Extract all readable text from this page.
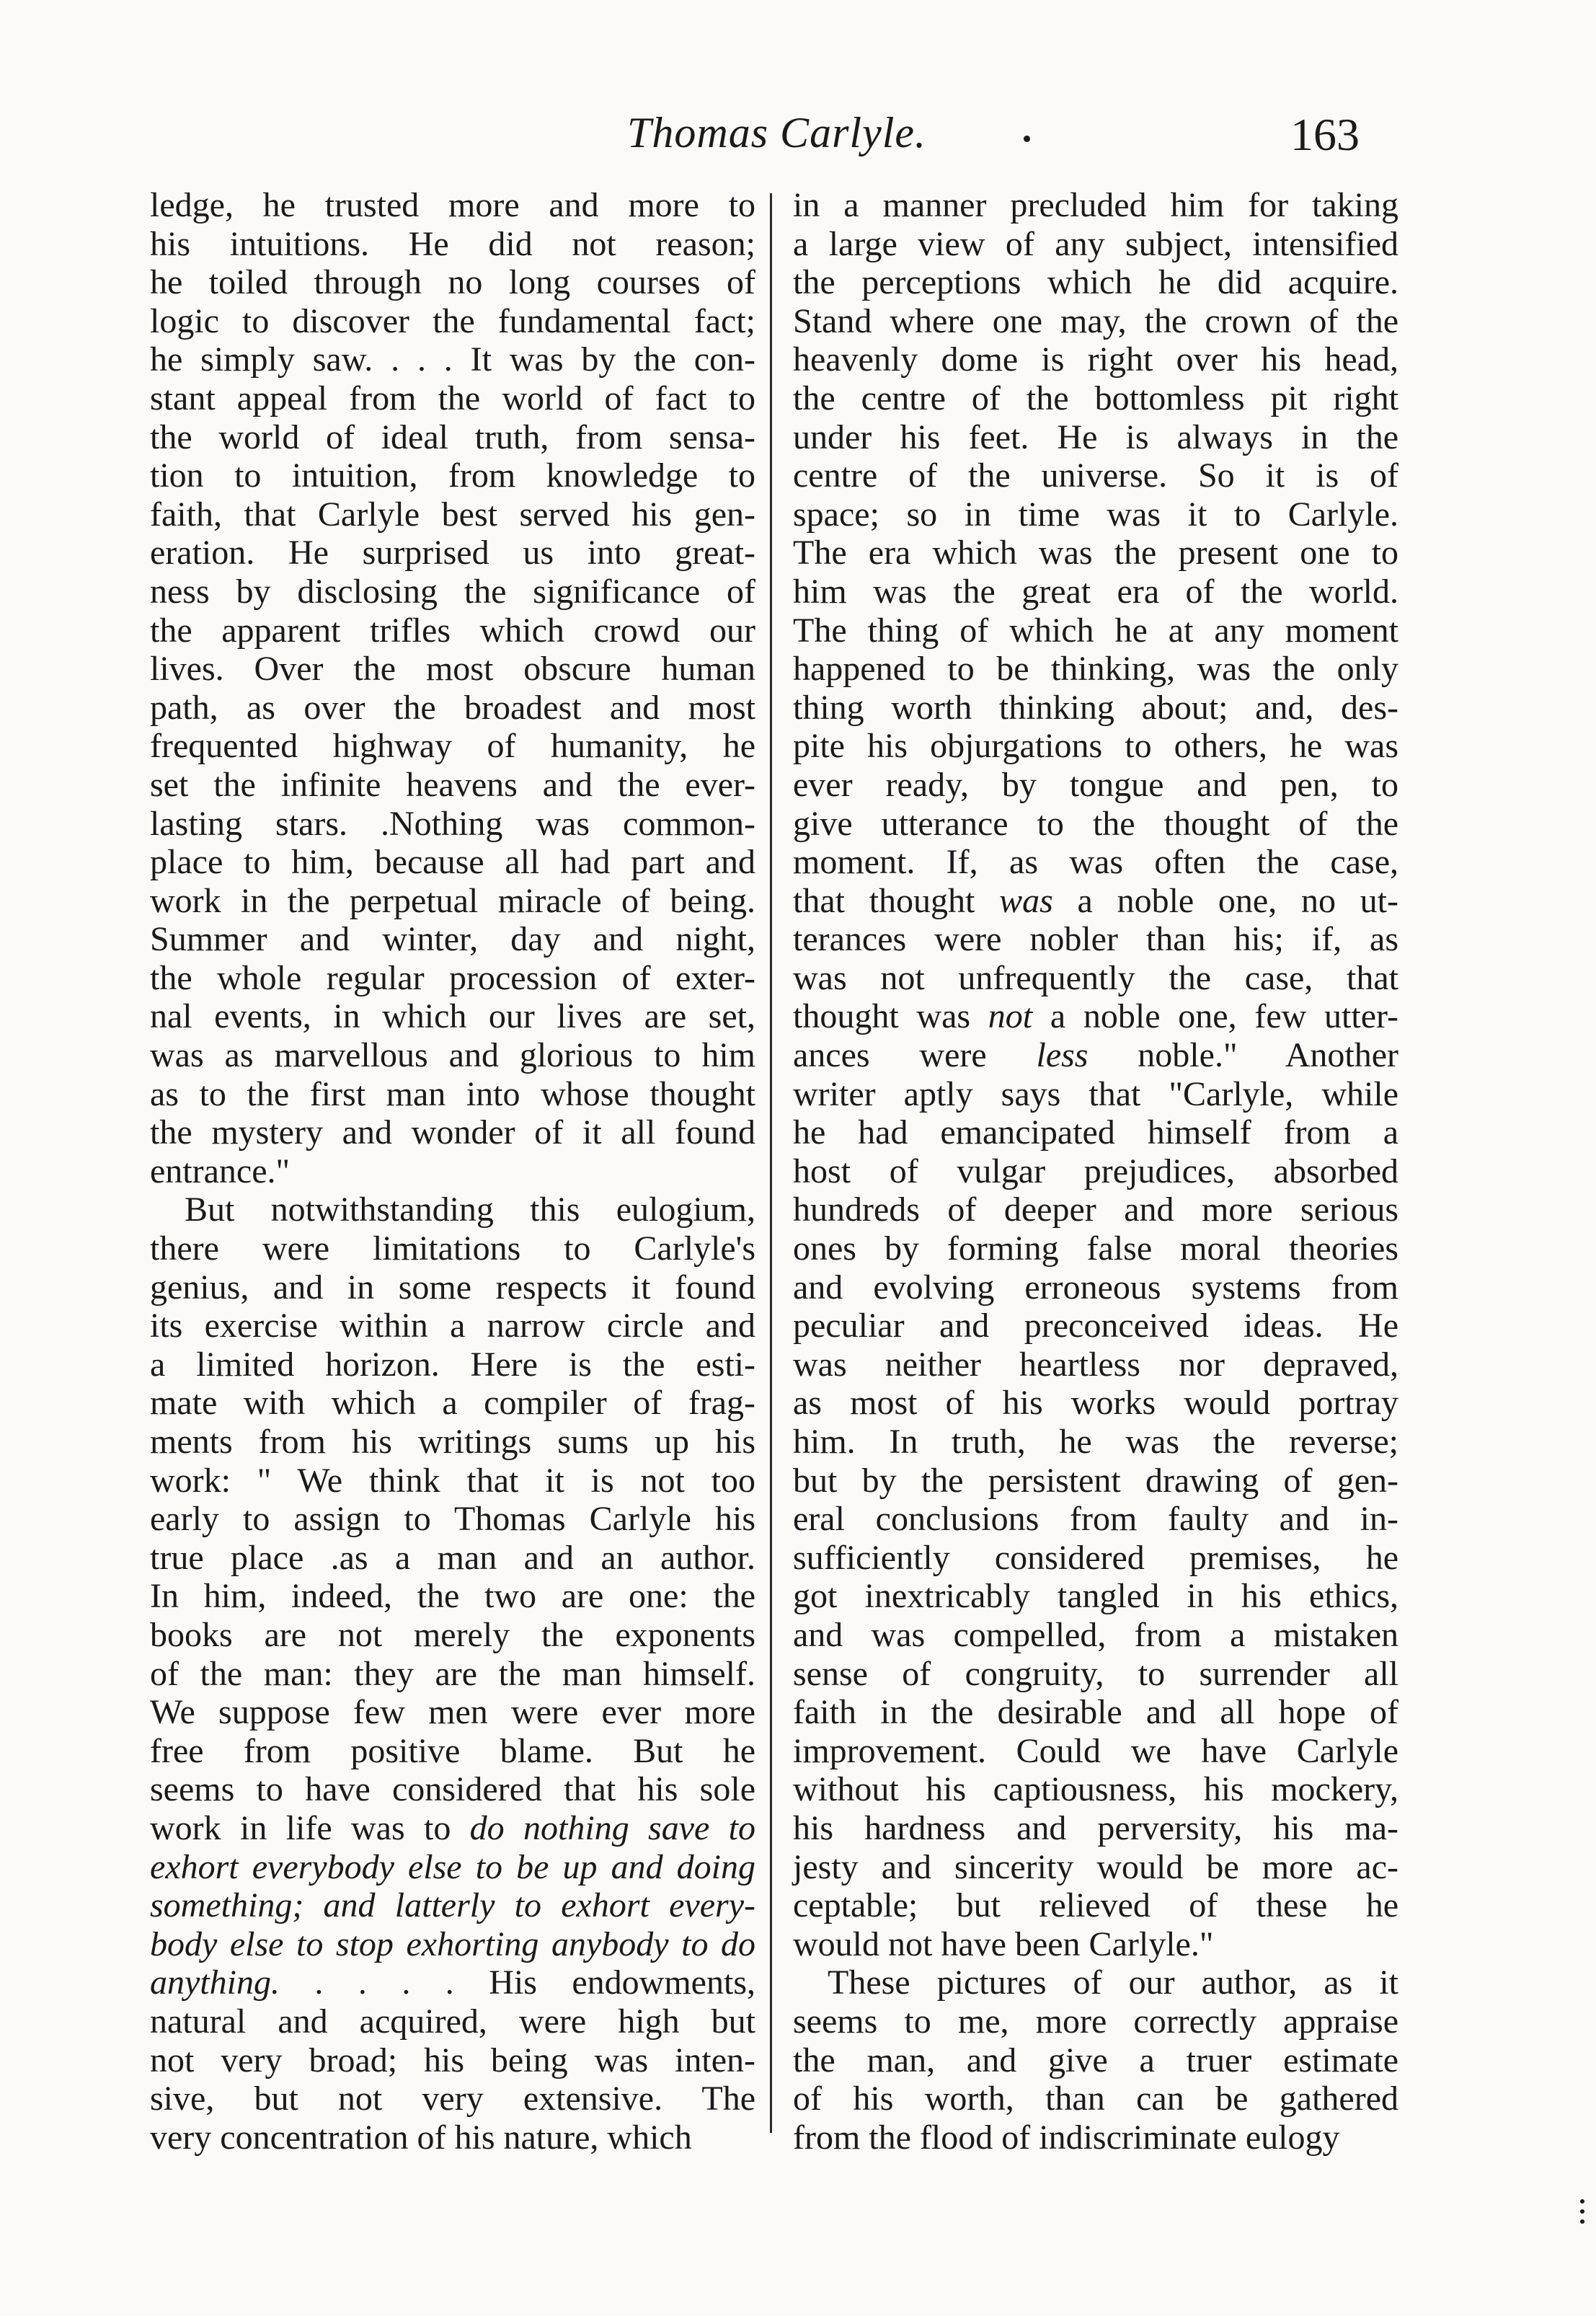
Thomas Carlyle.	163
ledge, he trusted more and more to
his intuitions. He did not reason;
he toiled through no long courses of
logic to discover the fundamental fact;
he simply saw. . . . It was by the con-
stant appeal from the world of fact to
the world of ideal truth, from sensa-
tion to intuition, from knowledge to
faith, that Carlyle best served his gen-
eration. He surprised us into great-
ness by disclosing the significance of
the apparent trifles which crowd our
lives. Over the most obscure human
path, as over the broadest and most
frequented highway of humanity, he
set the infinite heavens and the ever-
lasting stars. .Nothing was common-
place to him, because all had part and
work in the perpetual miracle of being.
Summer and winter, day and night,
the whole regular procession of exter-
nal events, in which our lives are set,
was as marvellous and glorious to him
as to the first man into whose thought
the mystery and wonder of it all found
entrance."
But notwithstanding this eulogium,
there were limitations to Carlyle's
genius, and in some respects it found
its exercise within a narrow circle and
a limited horizon. Here is the esti-
mate with which a compiler of frag-
ments from his writings sums up his
work: " We think that it is not too
early to assign to Thomas Carlyle his
true place .as a man and an author.
In him, indeed, the two are one: the
books are not merely the exponents
of the man: they are the man himself.
We suppose few men were ever more
free from positive blame. But he
seems to have considered that his sole
work in life was to do nothing save to
exhort everybody else to be up and doing
something; and latterly to exhort every-
body else to stop exhorting anybody to do
anything. . . . . His endowments,
natural and acquired, were high but
not very broad; his being was inten-
sive, but not very extensive. The
very concentration of his nature, which
in a manner precluded him for taking
a large view of any subject, intensified
the perceptions which he did acquire.
Stand where one may, the crown of the
heavenly dome is right over his head,
the centre of the bottomless pit right
under his feet. He is always in the
centre of the universe. So it is of
space; so in time was it to Carlyle.
The era which was the present one to
him was the great era of the world.
The thing of which he at any moment
happened to be thinking, was the only
thing worth thinking about; and, des-
pite his objurgations to others, he was
ever ready, by tongue and pen, to
give utterance to the thought of the
moment. If, as was often the case,
that thought was a noble one, no ut-
terances were nobler than his; if, as
was not unfrequently the case, that
thought was not a noble one, few utter-
ances were less noble." Another
writer aptly says that "Carlyle, while
he had emancipated himself from a
host of vulgar prejudices, absorbed
hundreds of deeper and more serious
ones by forming false moral theories
and evolving erroneous systems from
peculiar and preconceived ideas. He
was neither heartless nor depraved,
as most of his works would portray
him. In truth, he was the reverse;
but by the persistent drawing of gen-
eral conclusions from faulty and in-
sufficiently considered premises, he
got inextricably tangled in his ethics,
and was compelled, from a mistaken
sense of congruity, to surrender all
faith in the desirable and all hope of
improvement. Could we have Carlyle
without his captiousness, his mockery,
his hardness and perversity, his ma-
jesty and sincerity would be more ac-
ceptable; but relieved of these he
would not have been Carlyle."
These pictures of our author, as it
seems to me, more correctly appraise
the man, and give a truer estimate
of his worth, than can be gathered
from the flood of indiscriminate eulogy
